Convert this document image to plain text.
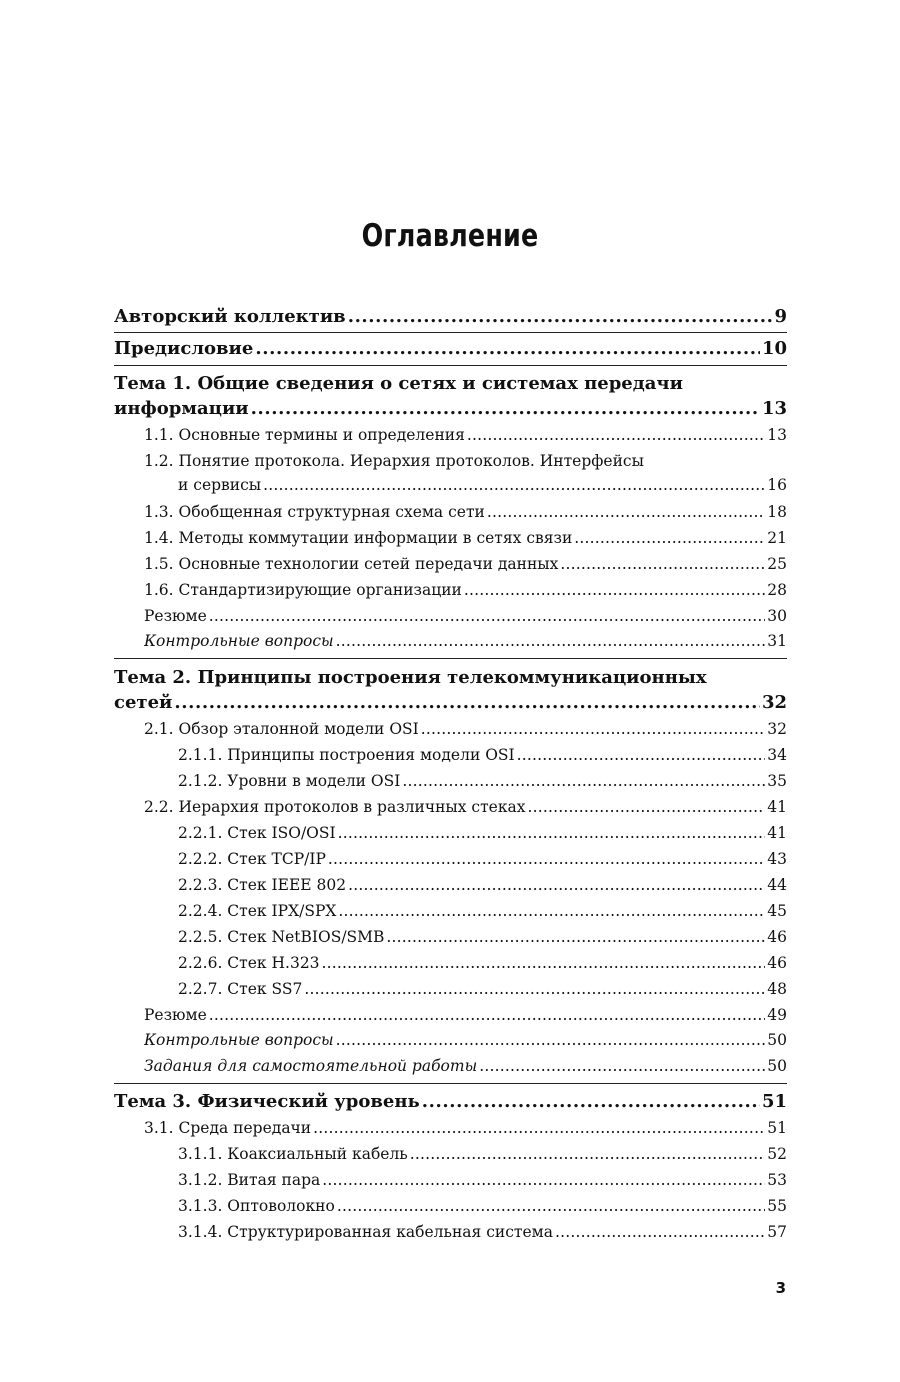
Оглавление
Авторский коллектив .....	9
Предисловие .....	10
Тема 1. Общие сведения о сетях и системах передачи
информации .....	13
1.1. Основные термины и определения .....	13
1.2. Понятие протокола. Иерархия протоколов. Интерфейсы
и сервисы .....	16
1.3. Обобщенная структурная схема сети .....	18
1.4. Методы коммутации информации в сетях связи .....	21
1.5. Основные технологии сетей передачи данных .....	25
1.6. Стандартизирующие организации .....	28
Резюме .....	30
Контрольные вопросы .....	31
Тема 2. Принципы построения телекоммуникационных
сетей .....	32
2.1. Обзор эталонной модели OSI .....	32
2.1.1. Принципы построения модели OSI .....	34
2.1.2. Уровни в модели OSI .....	35
2.2. Иерархия протоколов в различных стеках .....	41
2.2.1. Стек ISO/OSI .....	41
2.2.2. Стек TCP/IP .....	43
2.2.3. Стек IEEE 802 .....	44
2.2.4. Стек IPX/SPX .....	45
2.2.5. Стек NetBIOS/SMB .....	46
2.2.6. Стек H.323 .....	46
2.2.7. Стек SS7 .....	48
Резюме .....	49
Контрольные вопросы .....	50
Задания для самостоятельной работы .....	50
Тема 3. Физический уровень .....	51
3.1. Среда передачи .....	51
3.1.1. Коаксиальный кабель .....	52
3.1.2. Витая пара .....	53
3.1.3. Оптоволокно .....	55
3.1.4. Структурированная кабельная система .....	57
3
